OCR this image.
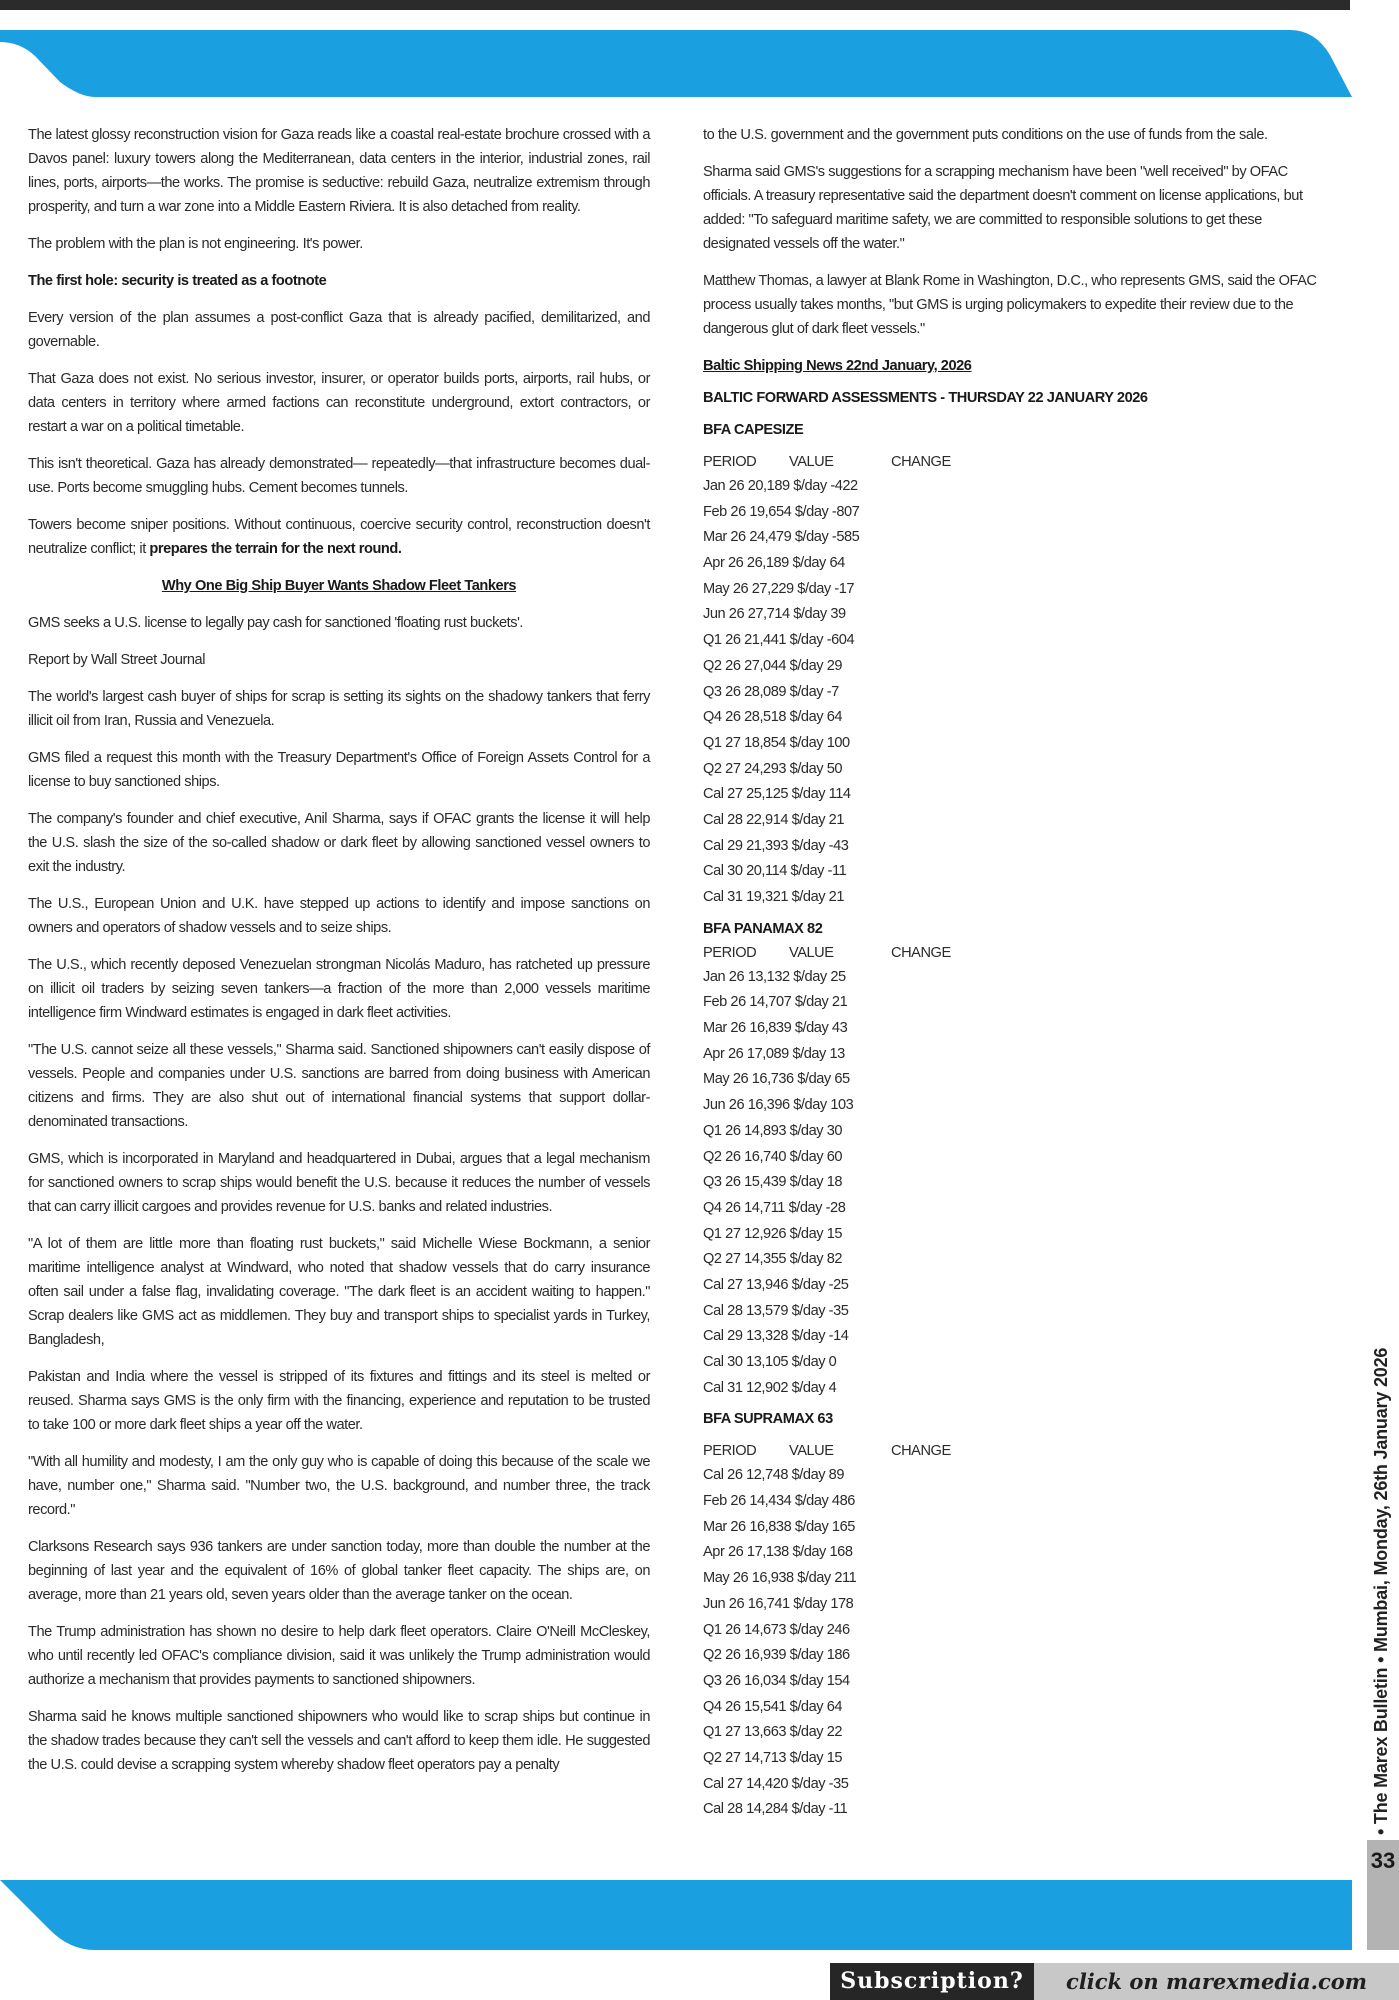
The latest glossy reconstruction vision for Gaza reads like a coastal real-estate brochure crossed with a Davos panel: luxury towers along the Mediterranean, data centers in the interior, industrial zones, rail lines, ports, airports—the works. The promise is seductive: rebuild Gaza, neutralize extremism through prosperity, and turn a war zone into a Middle Eastern Riviera. It is also detached from reality.

The problem with the plan is not engineering. It's power.

The first hole: security is treated as a footnote

Every version of the plan assumes a post-conflict Gaza that is already pacified, demilitarized, and governable.

That Gaza does not exist. No serious investor, insurer, or operator builds ports, airports, rail hubs, or data centers in territory where armed factions can reconstitute underground, extort contractors, or restart a war on a political timetable.

This isn't theoretical. Gaza has already demonstrated— repeatedly—that infrastructure becomes dual-use. Ports become smuggling hubs. Cement becomes tunnels.

Towers become sniper positions. Without continuous, coercive security control, reconstruction doesn't neutralize conflict; it prepares the terrain for the next round.

Why One Big Ship Buyer Wants Shadow Fleet Tankers

GMS seeks a U.S. license to legally pay cash for sanctioned 'floating rust buckets'.

Report by Wall Street Journal

The world's largest cash buyer of ships for scrap is setting its sights on the shadowy tankers that ferry illicit oil from Iran, Russia and Venezuela.

GMS filed a request this month with the Treasury Department's Office of Foreign Assets Control for a license to buy sanctioned ships.

The company's founder and chief executive, Anil Sharma, says if OFAC grants the license it will help the U.S. slash the size of the so-called shadow or dark fleet by allowing sanctioned vessel owners to exit the industry.

The U.S., European Union and U.K. have stepped up actions to identify and impose sanctions on owners and operators of shadow vessels and to seize ships.

The U.S., which recently deposed Venezuelan strongman Nicolás Maduro, has ratcheted up pressure on illicit oil traders by seizing seven tankers—a fraction of the more than 2,000 vessels maritime intelligence firm Windward estimates is engaged in dark fleet activities.

"The U.S. cannot seize all these vessels," Sharma said. Sanctioned shipowners can't easily dispose of vessels. People and companies under U.S. sanctions are barred from doing business with American citizens and firms. They are also shut out of international financial systems that support dollar-denominated transactions.

GMS, which is incorporated in Maryland and headquartered in Dubai, argues that a legal mechanism for sanctioned owners to scrap ships would benefit the U.S. because it reduces the number of vessels that can carry illicit cargoes and provides revenue for U.S. banks and related industries.

"A lot of them are little more than floating rust buckets," said Michelle Wiese Bockmann, a senior maritime intelligence analyst at Windward, who noted that shadow vessels that do carry insurance often sail under a false flag, invalidating coverage. "The dark fleet is an accident waiting to happen." Scrap dealers like GMS act as middlemen. They buy and transport ships to specialist yards in Turkey, Bangladesh,

Pakistan and India where the vessel is stripped of its fixtures and fittings and its steel is melted or reused. Sharma says GMS is the only firm with the financing, experience and reputation to be trusted to take 100 or more dark fleet ships a year off the water.

"With all humility and modesty, I am the only guy who is capable of doing this because of the scale we have, number one," Sharma said. "Number two, the U.S. background, and number three, the track record."

Clarksons Research says 936 tankers are under sanction today, more than double the number at the beginning of last year and the equivalent of 16% of global tanker fleet capacity. The ships are, on average, more than 21 years old, seven years older than the average tanker on the ocean.

The Trump administration has shown no desire to help dark fleet operators. Claire O'Neill McCleskey, who until recently led OFAC's compliance division, said it was unlikely the Trump administration would authorize a mechanism that provides payments to sanctioned shipowners.

Sharma said he knows multiple sanctioned shipowners who would like to scrap ships but continue in the shadow trades because they can't sell the vessels and can't afford to keep them idle. He suggested the U.S. could devise a scrapping system whereby shadow fleet operators pay a penalty

to the U.S. government and the government puts conditions on the use of funds from the sale.

Sharma said GMS's suggestions for a scrapping mechanism have been "well received" by OFAC officials. A treasury representative said the department doesn't comment on license applications, but added: "To safeguard maritime safety, we are committed to responsible solutions to get these designated vessels off the water."

Matthew Thomas, a lawyer at Blank Rome in Washington, D.C., who represents GMS, said the OFAC process usually takes months, "but GMS is urging policymakers to expedite their review due to the dangerous glut of dark fleet vessels."

Baltic Shipping News 22nd January, 2026

BALTIC FORWARD ASSESSMENTS - THURSDAY 22 JANUARY 2026

BFA CAPESIZE

PERIOD	VALUE	CHANGE
Jan 26 20,189 $/day -422
Feb 26 19,654 $/day -807
Mar 26 24,479 $/day -585
Apr 26 26,189 $/day 64
May 26 27,229 $/day -17
Jun 26 27,714 $/day 39
Q1 26 21,441 $/day -604
Q2 26 27,044 $/day 29
Q3 26 28,089 $/day -7
Q4 26 28,518 $/day 64
Q1 27 18,854 $/day 100
Q2 27 24,293 $/day 50
Cal 27 25,125 $/day 114
Cal 28 22,914 $/day 21
Cal 29 21,393 $/day -43
Cal 30 20,114 $/day -11
Cal 31 19,321 $/day 21

BFA PANAMAX 82

PERIOD	VALUE	CHANGE
Jan 26 13,132 $/day 25
Feb 26 14,707 $/day 21
Mar 26 16,839 $/day 43
Apr 26 17,089 $/day 13
May 26 16,736 $/day 65
Jun 26 16,396 $/day 103
Q1 26 14,893 $/day 30
Q2 26 16,740 $/day 60
Q3 26 15,439 $/day 18
Q4 26 14,711 $/day -28
Q1 27 12,926 $/day 15
Q2 27 14,355 $/day 82
Cal 27 13,946 $/day -25
Cal 28 13,579 $/day -35
Cal 29 13,328 $/day -14
Cal 30 13,105 $/day 0
Cal 31 12,902 $/day 4

BFA SUPRAMAX 63

PERIOD	VALUE	CHANGE
Cal 26 12,748 $/day 89
Feb 26 14,434 $/day 486
Mar 26 16,838 $/day 165
Apr 26 17,138 $/day 168
May 26 16,938 $/day 211
Jun 26 16,741 $/day 178
Q1 26 14,673 $/day 246
Q2 26 16,939 $/day 186
Q3 26 16,034 $/day 154
Q4 26 15,541 $/day 64
Q1 27 13,663 $/day 22
Q2 27 14,713 $/day 15
Cal 27 14,420 $/day -35
Cal 28 14,284 $/day -11	• The Marex Bulletin • Mumbai, Monday, 26th January 2026
33
Subscription?	click on marexmedia.com
